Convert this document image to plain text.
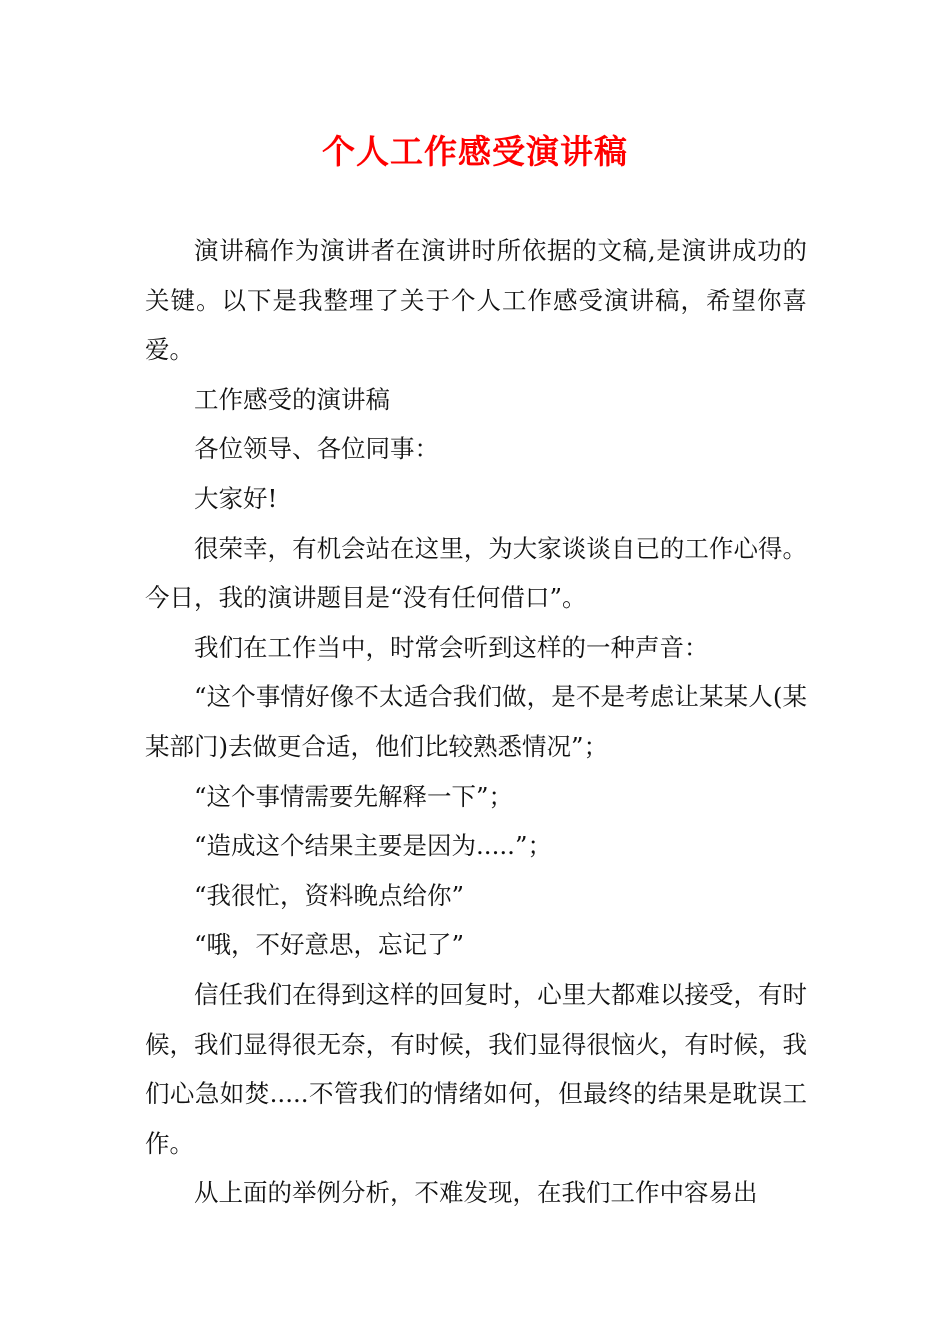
个人工作感受演讲稿

演讲稿作为演讲者在演讲时所依据的文稿,是演讲成功的关键。以下是我整理了关于个人工作感受演讲稿，希望你喜爱。

工作感受的演讲稿

各位领导、各位同事：

大家好!

很荣幸，有机会站在这里，为大家谈谈自已的工作心得。今日，我的演讲题目是“没有任何借口”。

我们在工作当中，时常会听到这样的一种声音：

“这个事情好像不太适合我们做，是不是考虑让某某人(某某部门)去做更合适，他们比较熟悉情况”；

“这个事情需要先解释一下”；

“造成这个结果主要是因为.....”；

“我很忙，资料晚点给你”

“哦，不好意思，忘记了”

信任我们在得到这样的回复时，心里大都难以接受，有时候，我们显得很无奈，有时候，我们显得很恼火，有时候，我们心急如焚.....不管我们的情绪如何，但最终的结果是耽误工作。

从上面的举例分析，不难发现，在我们工作中容易出
